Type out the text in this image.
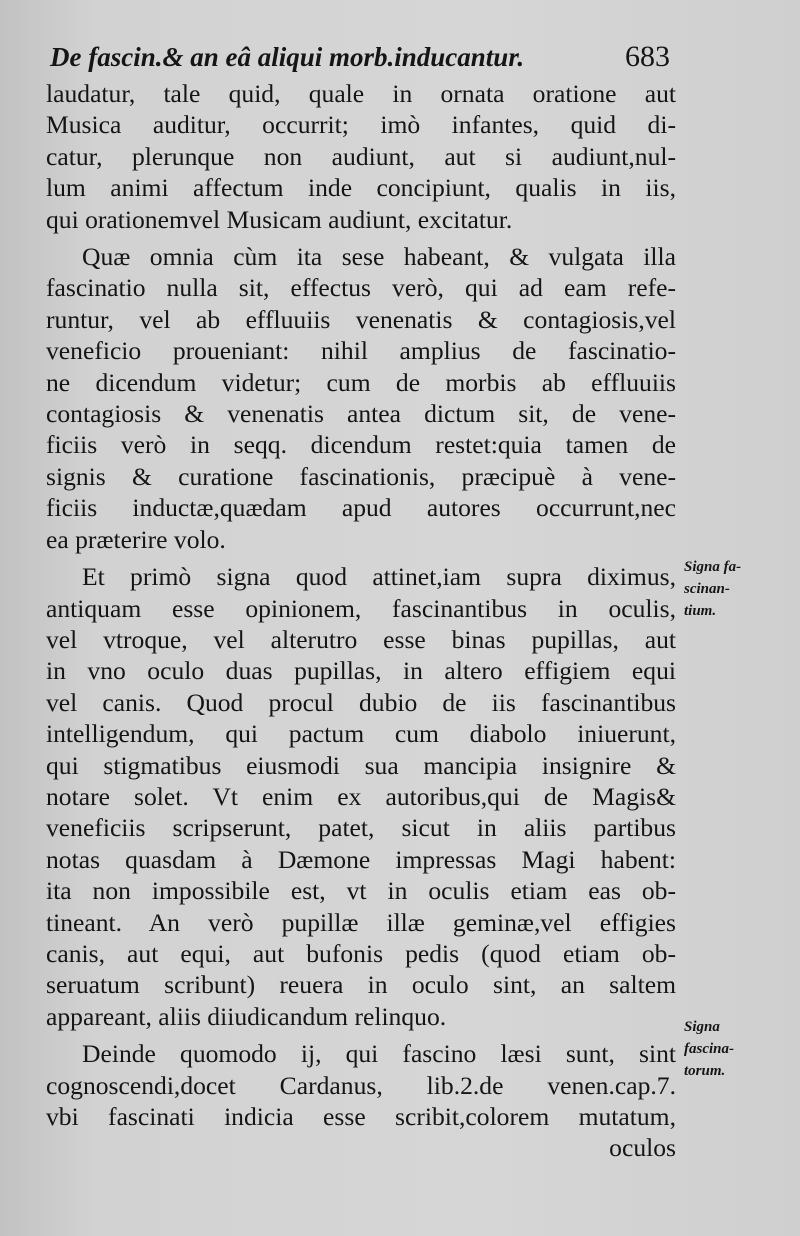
De fascin.& an eâ aliqui morb.inducantur.	683
laudatur, tale quid, quale in ornata oratione aut
Musica auditur, occurrit; imò infantes, quid di-
catur, plerunque non audiunt, aut si audiunt,nul-
lum animi affectum inde concipiunt, qualis in iis,
qui orationemvel Musicam audiunt, excitatur.
Quæ omnia cùm ita sese habeant, & vulgata illa
fascinatio nulla sit, effectus verò, qui ad eam refe-
runtur, vel ab effluuiis venenatis & contagiosis,vel
veneficio proueniant: nihil amplius de fascinatio-
ne dicendum videtur; cum de morbis ab effluuiis
contagiosis & venenatis antea dictum sit, de vene-
ficiis verò in seqq. dicendum restet:quia tamen de
signis & curatione fascinationis, præcipuè à vene-
ficiis inductæ,quædam apud autores occurrunt,nec
ea præterire volo.
Et primò signa quod attinet,iam supra diximus,
antiquam esse opinionem, fascinantibus in oculis,
vel vtroque, vel alterutro esse binas pupillas, aut
in vno oculo duas pupillas, in altero effigiem equi
vel canis. Quod procul dubio de iis fascinantibus
intelligendum, qui pactum cum diabolo iniuerunt,
qui stigmatibus eiusmodi sua mancipia insignire &
notare solet. Vt enim ex autoribus,qui de Magis&
veneficiis scripserunt, patet, sicut in aliis partibus
notas quasdam à Dæmone impressas Magi habent:
ita non impossibile est, vt in oculis etiam eas ob-
tineant. An verò pupillæ illæ geminæ,vel effigies
canis, aut equi, aut bufonis pedis (quod etiam ob-
seruatum scribunt) reuera in oculo sint, an saltem
appareant, aliis diiudicandum relinquo.
Deinde quomodo ij, qui fascino læsi sunt, sint
cognoscendi,docet Cardanus, lib.2.de venen.cap.7.
vbi fascinati indicia esse scribit,colorem mutatum,
oculos
Signa fa-
scinan-
tium.
Signa
fascina-
torum.
